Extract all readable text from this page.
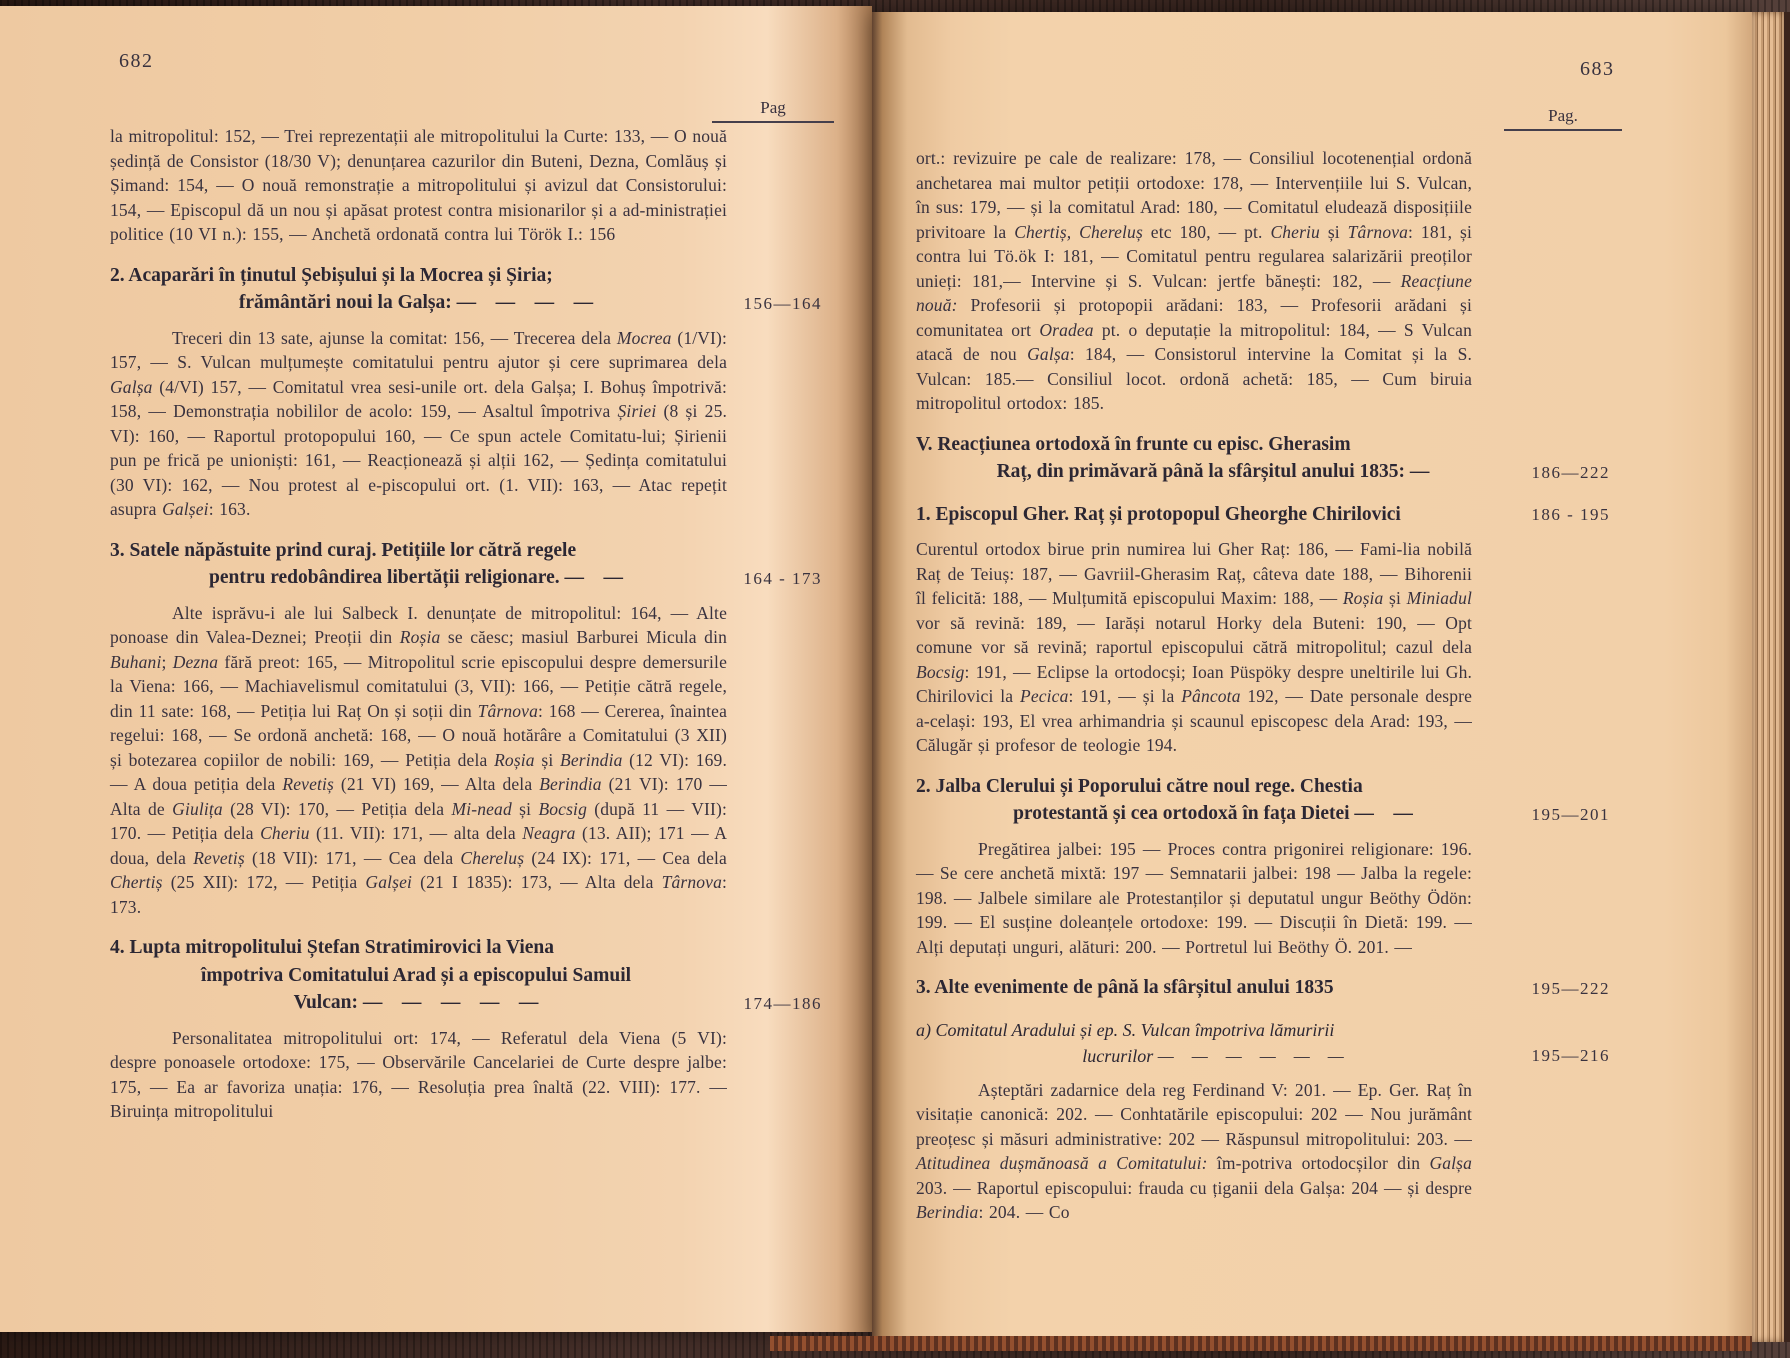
682
Pag
la mitropolitul: 152, — Trei reprezentații ale mitropolitului la Curte: 133, — O nouă ședință de Consistor (18/30 V); denunțarea cazurilor din Buteni, Dezna, Comlăuș și Șimand: 154, — O nouă remonstrație a mitropolitului și avizul dat Consistorului: 154, — Episcopul dă un nou și apăsat protest contra misionarilor și a ad-ministrației politice (10 VI n.): 155, — Anchetă ordonată contra lui Török I.: 156
2. Acaparări în ținutul Șebișului și la Mocrea și Șiria;
frământări noui la Galșa: — — — —	156—164
Treceri din 13 sate, ajunse la comitat: 156, — Trecerea dela Mocrea (1/VI): 157, — S. Vulcan mulțumește comitatului pentru ajutor și cere suprimarea dela Galșa (4/VI) 157, — Comitatul vrea sesi-unile ort. dela Galșa; I. Bohuș împotrivă: 158, — Demonstrația nobililor de acolo: 159, — Asaltul împotriva Șiriei (8 și 25. VI): 160, — Raportul protopopului 160, — Ce spun actele Comitatu-lui; Șirienii pun pe frică pe unioniști: 161, — Reacționează și alții 162, — Ședința comitatului (30 VI): 162, — Nou protest al e-piscopului ort. (1. VII): 163, — Atac repețit asupra Galșei: 163.
3. Satele năpăstuite prind curaj. Petițiile lor cătră regele
pentru redobândirea libertății religionare. — —	164 - 173
Alte isprăvu-i ale lui Salbeck I. denunțate de mitropolitul: 164, — Alte ponoase din Valea-Deznei; Preoții din Roșia se căesc; masiul Barburei Micula din Buhani; Dezna fără preot: 165, — Mitropolitul scrie episcopului despre demersurile la Viena: 166, — Machiavelismul comitatului (3, VII): 166, — Petiție cătră regele, din 11 sate: 168, — Petiția lui Raț On și soții din Târnova: 168 — Cererea, înaintea regelui: 168, — Se ordonă anchetă: 168, — O nouă hotărâre a Comitatului (3 XII) și botezarea copiilor de nobili: 169, — Petiția dela Roșia și Berindia (12 VI): 169. — A doua petiția dela Revetiș (21 VI) 169, — Alta dela Berindia (21 VI): 170 — Alta de Giulița (28 VI): 170, — Petiția dela Mi-nead și Bocsig (după 11 — VII): 170. — Petiția dela Cheriu (11. VII): 171, — alta dela Neagra (13. AII); 171 — A doua, dela Revetiș (18 VII): 171, — Cea dela Chereluș (24 IX): 171, — Cea dela Chertiș (25 XII): 172, — Petiția Galșei (21 I 1835): 173, — Alta dela Târnova: 173.
4. Lupta mitropolitului Ștefan Stratimirovici la Viena
împotriva Comitatului Arad și a episcopului Samuil
Vulcan: — — — — —	174—186
Personalitatea mitropolitului ort: 174, — Referatul dela Viena (5 VI): despre ponoasele ortodoxe: 175, — Observările Cancelariei de Curte despre jalbe: 175, — Ea ar favoriza unația: 176, — Resoluția prea înaltă (22. VIII): 177. — Biruința mitropolitului
683
Pag.
ort.: revizuire pe cale de realizare: 178, — Consiliul locotenențial ordonă anchetarea mai multor petiții ortodoxe: 178, — Intervențiile lui S. Vulcan, în sus: 179, — și la comitatul Arad: 180, — Comitatul eludează disposițiile privitoare la Chertiș, Chereluș etc 180, — pt. Cheriu și Târnova: 181, și contra lui Tö.ök I: 181, — Comitatul pentru regularea salarizării preoților unieți: 181,— Intervine și S. Vulcan: jertfe bănești: 182, — Reacțiune nouă: Profesorii și protopopii arădani: 183, — Profesorii arădani și comunitatea ort Oradea pt. o deputație la mitropolitul: 184, — S Vulcan atacă de nou Galșa: 184, — Consistorul intervine la Comitat și la S. Vulcan: 185.— Consiliul locot. ordonă achetă: 185, — Cum biruia mitropolitul ortodox: 185.
V. Reacțiunea ortodoxă în frunte cu episc. Gherasim
Raț, din primăvară până la sfârșitul anului 1835: —	186—222
1. Episcopul Gher. Raț și protopopul Gheorghe Chirilovici	186 - 195
Curentul ortodox birue prin numirea lui Gher Raț: 186, — Fami-lia nobilă Raț de Teiuș: 187, — Gavriil-Gherasim Raț, câteva date 188, — Bihorenii îl felicită: 188, — Mulțumită episcopului Maxim: 188, — Roșia și Miniadul vor să revină: 189, — Iarăși notarul Horky dela Buteni: 190, — Opt comune vor să revină; raportul episcopului cătră mitropolitul; cazul dela Bocsig: 191, — Eclipse la ortodocși; Ioan Püspöky despre uneltirile lui Gh. Chirilovici la Pecica: 191, — și la Pâncota 192, — Date personale despre a-celași: 193, El vrea arhimandria și scaunul episcopesc dela Arad: 193, — Călugăr și profesor de teologie 194.
2. Jalba Clerului și Poporului către noul rege. Chestia
protestantă și cea ortodoxă în fața Dietei — —	195—201
Pregătirea jalbei: 195 — Proces contra prigonirei religionare: 196. — Se cere anchetă mixtă: 197 — Semnatarii jalbei: 198 — Jalba la regele: 198. — Jalbele similare ale Protestanților și deputatul ungur Beöthy Ödön: 199. — El susține doleanțele ortodoxe: 199. — Discuții în Dietă: 199. — Alți deputați unguri, alături: 200. — Portretul lui Beöthy Ö. 201. —
3. Alte evenimente de până la sfârșitul anului 1835	195—222
a) Comitatul Aradului și ep. S. Vulcan împotriva lămuririi
lucrurilor — — — — — —	195—216
Așteptări zadarnice dela reg Ferdinand V: 201. — Ep. Ger. Raț în visitație canonică: 202. — Conhtatările episcopului: 202 — Nou jurământ preoțesc și măsuri administrative: 202 — Răspunsul mitropolitului: 203. — Atitudinea dușmănoasă a Comitatului: îm-potriva ortodocșilor din Galșa 203. — Raportul episcopului: frauda cu țiganii dela Galșa: 204 — și despre Berindia: 204. — Co
